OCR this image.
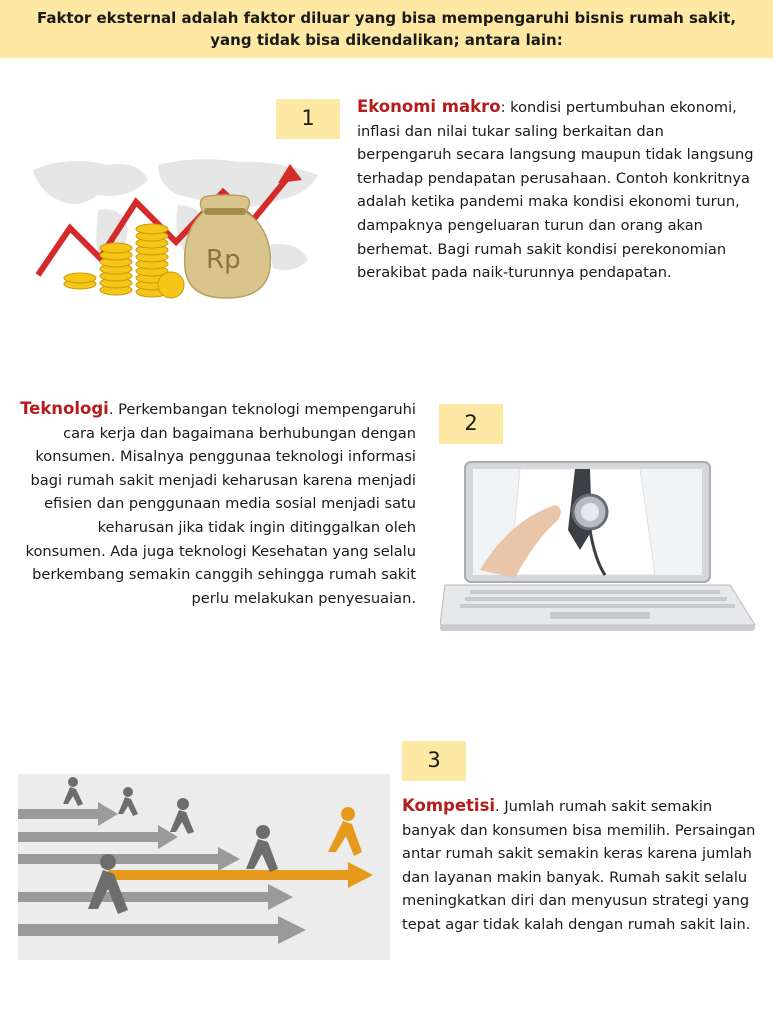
Faktor eksternal adalah faktor diluar yang bisa mempengaruhi bisnis rumah sakit,
yang tidak bisa dikendalikan; antara lain:
1
Rp
Ekonomi makro: kondisi pertumbuhan ekonomi, inflasi dan nilai tukar saling berkaitan dan berpengaruh secara langsung maupun tidak langsung terhadap pendapatan perusahaan. Contoh konkritnya adalah ketika pandemi maka kondisi ekonomi turun, dampaknya pengeluaran turun dan orang akan berhemat. Bagi rumah sakit kondisi perekonomian berakibat pada naik-turunnya pendapatan.
2
Teknologi. Perkembangan teknologi mempengaruhi cara kerja dan bagaimana berhubungan dengan konsumen. Misalnya penggunaa teknologi informasi bagi rumah sakit menjadi keharusan karena menjadi efisien dan penggunaan media sosial menjadi satu keharusan jika tidak ingin ditinggalkan oleh konsumen. Ada juga teknologi Kesehatan yang selalu berkembang semakin canggih sehingga rumah sakit perlu melakukan penyesuaian.
3
Kompetisi. Jumlah rumah sakit semakin banyak dan konsumen bisa memilih. Persaingan antar rumah sakit semakin keras karena jumlah dan layanan makin banyak. Rumah sakit selalu meningkatkan diri dan menyusun strategi yang tepat agar tidak kalah dengan rumah sakit lain.
